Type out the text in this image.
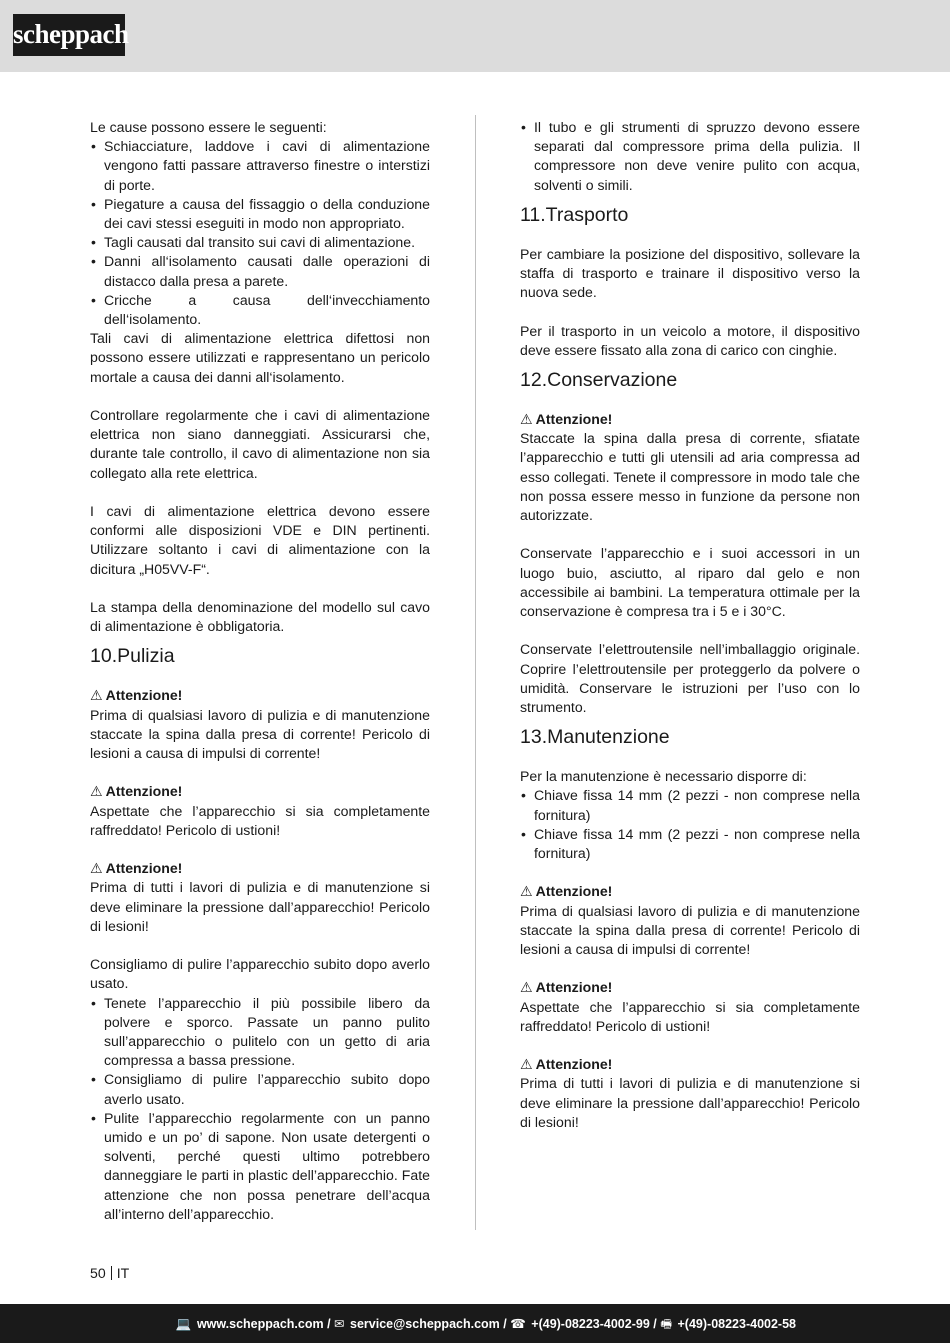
scheppach

Le cause possono essere le seguenti:

• Schiacciature, laddove i cavi di alimentazione vengono fatti passare attraverso finestre o interstizi di porte.
• Piegature a causa del fissaggio o della conduzione dei cavi stessi eseguiti in modo non appropriato.
• Tagli causati dal transito sui cavi di alimentazione.
• Danni all‘isolamento causati dalle operazioni di distacco dalla presa a parete.
• Cricche a causa dell‘invecchiamento dell‘isolamento.

Tali cavi di alimentazione elettrica difettosi non possono essere utilizzati e rappresentano un pericolo mortale a causa dei danni all‘isolamento.

Controllare regolarmente che i cavi di alimentazione elettrica non siano danneggiati. Assicurarsi che, durante tale controllo, il cavo di alimentazione non sia collegato alla rete elettrica.

I cavi di alimentazione elettrica devono essere conformi alle disposizioni VDE e DIN pertinenti. Utilizzare soltanto i cavi di alimentazione con la dicitura „H05VV-F“.

La stampa della denominazione del modello sul cavo di alimentazione è obbligatoria.

10.Pulizia

⚠ Attenzione!

Prima di qualsiasi lavoro di pulizia e di manutenzione staccate la spina dalla presa di corrente! Pericolo di lesioni a causa di impulsi di corrente!

⚠ Attenzione!

Aspettate che l’apparecchio si sia completamente raffreddato! Pericolo di ustioni!

⚠ Attenzione!

Prima di tutti i lavori di pulizia e di manutenzione si deve eliminare la pressione dall’apparecchio! Pericolo di lesioni!

Consigliamo di pulire l’apparecchio subito dopo averlo usato.

• Tenete l’apparecchio il più possibile libero da polvere e sporco. Passate un panno pulito sull’apparecchio o pulitelo con un getto di aria compressa a bassa pressione.
• Consigliamo di pulire l’apparecchio subito dopo averlo usato.
• Pulite l’apparecchio regolarmente con un panno umido e un po’ di sapone. Non usate detergenti o solventi, perché questi ultimo potrebbero danneggiare le parti in plastic dell’apparecchio. Fate attenzione che non possa penetrare dell’acqua all’interno dell’apparecchio.
• Il tubo e gli strumenti di spruzzo devono essere separati dal compressore prima della pulizia. Il compressore non deve venire pulito con acqua, solventi o simili.
11.Trasporto

Per cambiare la posizione del dispositivo, sollevare la staffa di trasporto e trainare il dispositivo verso la nuova sede.

Per il trasporto in un veicolo a motore, il dispositivo deve essere fissato alla zona di carico con cinghie.

12.Conservazione

⚠ Attenzione!

Staccate la spina dalla presa di corrente, sfiatate l’apparecchio e tutti gli utensili ad aria compressa ad esso collegati. Tenete il compressore in modo tale che non possa essere messo in funzione da persone non autorizzate.

Conservate l’apparecchio e i suoi accessori in un luogo buio, asciutto, al riparo dal gelo e non accessibile ai bambini. La temperatura ottimale per la conservazione è compresa tra i 5 e i 30°C.

Conservate l’elettroutensile nell’imballaggio originale. Coprire l’elettroutensile per proteggerlo da polvere o umidità. Conservare le istruzioni per l’uso con lo strumento.

13.Manutenzione

Per la manutenzione è necessario disporre di:

• Chiave fissa 14 mm (2 pezzi - non comprese nella fornitura)
• Chiave fissa 14 mm (2 pezzi - non comprese nella fornitura)

⚠ Attenzione!

Prima di qualsiasi lavoro di pulizia e di manutenzione staccate la spina dalla presa di corrente! Pericolo di lesioni a causa di impulsi di corrente!

⚠ Attenzione!

Aspettate che l’apparecchio si sia completamente raffreddato! Pericolo di ustioni!

⚠ Attenzione!

Prima di tutti i lavori di pulizia e di manutenzione si deve eliminare la pressione dall’apparecchio! Pericolo di lesioni!

50 IT
💻 www.scheppach.com / ✉ service@scheppach.com / ☎ +(49)-08223-4002-99 / 🖷 +(49)-08223-4002-58
